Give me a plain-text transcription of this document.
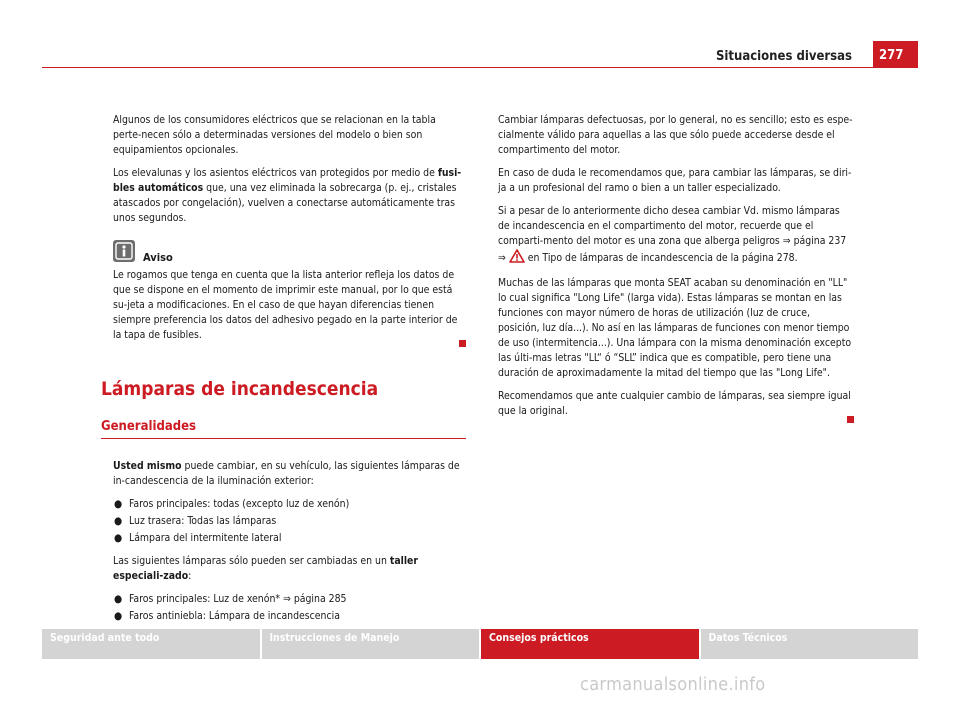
Situaciones diversas	277

Algunos de los consumidores eléctricos que se relacionan en la tabla perte-necen sólo a determinadas versiones del modelo o bien son equipamientos opcionales.

Los elevalunas y los asientos eléctricos van protegidos por medio de fusi-bles automáticos que, una vez eliminada la sobrecarga (p. ej., cristales atascados por congelación), vuelven a conectarse automáticamente tras unos segundos.

Aviso

Le rogamos que tenga en cuenta que la lista anterior refleja los datos de que se dispone en el momento de imprimir este manual, por lo que está su-jeta a modificaciones. En el caso de que hayan diferencias tienen siempre preferencia los datos del adhesivo pegado en la parte interior de la tapa de fusibles.

Lámparas de incandescencia
Generalidades

Usted mismo puede cambiar, en su vehículo, las siguientes lámparas de in-candescencia de la iluminación exterior:

● Faros principales: todas (excepto luz de xenón)
● Luz trasera: Todas las lámparas
● Lámpara del intermitente lateral

Las siguientes lámparas sólo pueden ser cambiadas en un taller especiali-zado:

● Faros principales: Luz de xenón* ⇒ página 285
● Faros antiniebla: Lámpara de incandescencia

Cambiar lámparas defectuosas, por lo general, no es sencillo; esto es espe-cialmente válido para aquellas a las que sólo puede accederse desde el compartimento del motor.

En caso de duda le recomendamos que, para cambiar las lámparas, se diri-ja a un profesional del ramo o bien a un taller especializado.

Si a pesar de lo anteriormente dicho desea cambiar Vd. mismo lámparas de incandescencia en el compartimento del motor, recuerde que el comparti-mento del motor es una zona que alberga peligros ⇒ página 237 ⇒  en Tipo de lámparas de incandescencia de la página 278.

Muchas de las lámparas que monta SEAT acaban su denominación en "LL" lo cual significa "Long Life" (larga vida). Estas lámparas se montan en las funciones con mayor número de horas de utilización (luz de cruce, posición, luz día...). No así en las lámparas de funciones con menor tiempo de uso (intermitencia...). Una lámpara con la misma denominación excepto las últi-mas letras "LL“ ó “SLL” indica que es compatible, pero tiene una duración de aproximadamente la mitad del tiempo que las "Long Life".

Recomendamos que ante cualquier cambio de lámparas, sea siempre igual que la original.

Seguridad ante todo	Instrucciones de Manejo	Consejos prácticos	Datos Técnicos
carmanualsonline.info
